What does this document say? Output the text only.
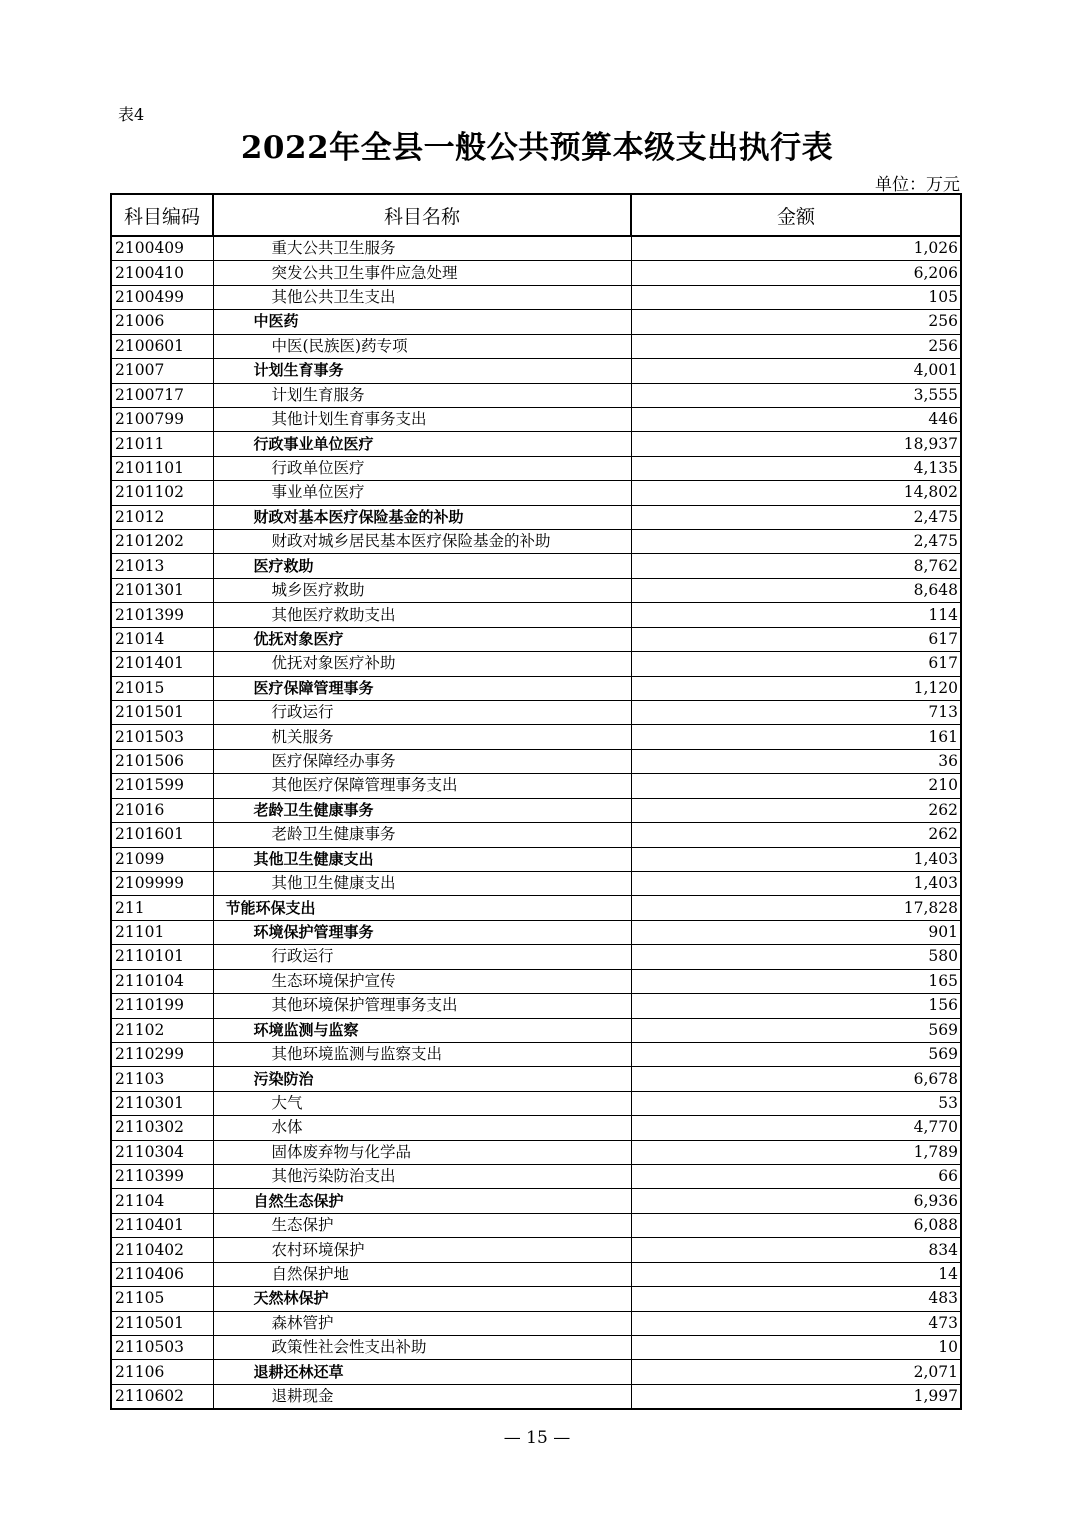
表4
2022年全县一般公共预算本级支出执行表
单位：万元
科目编码	科目名称	金额
2100409	重大公共卫生服务	1,026
2100410	突发公共卫生事件应急处理	6,206
2100499	其他公共卫生支出	105
21006	中医药	256
2100601	中医(民族医)药专项	256
21007	计划生育事务	4,001
2100717	计划生育服务	3,555
2100799	其他计划生育事务支出	446
21011	行政事业单位医疗	18,937
2101101	行政单位医疗	4,135
2101102	事业单位医疗	14,802
21012	财政对基本医疗保险基金的补助	2,475
2101202	财政对城乡居民基本医疗保险基金的补助	2,475
21013	医疗救助	8,762
2101301	城乡医疗救助	8,648
2101399	其他医疗救助支出	114
21014	优抚对象医疗	617
2101401	优抚对象医疗补助	617
21015	医疗保障管理事务	1,120
2101501	行政运行	713
2101503	机关服务	161
2101506	医疗保障经办事务	36
2101599	其他医疗保障管理事务支出	210
21016	老龄卫生健康事务	262
2101601	老龄卫生健康事务	262
21099	其他卫生健康支出	1,403
2109999	其他卫生健康支出	1,403
211	节能环保支出	17,828
21101	环境保护管理事务	901
2110101	行政运行	580
2110104	生态环境保护宣传	165
2110199	其他环境保护管理事务支出	156
21102	环境监测与监察	569
2110299	其他环境监测与监察支出	569
21103	污染防治	6,678
2110301	大气	53
2110302	水体	4,770
2110304	固体废弃物与化学品	1,789
2110399	其他污染防治支出	66
21104	自然生态保护	6,936
2110401	生态保护	6,088
2110402	农村环境保护	834
2110406	自然保护地	14
21105	天然林保护	483
2110501	森林管护	473
2110503	政策性社会性支出补助	10
21106	退耕还林还草	2,071
2110602	退耕现金	1,997
— 15 —
